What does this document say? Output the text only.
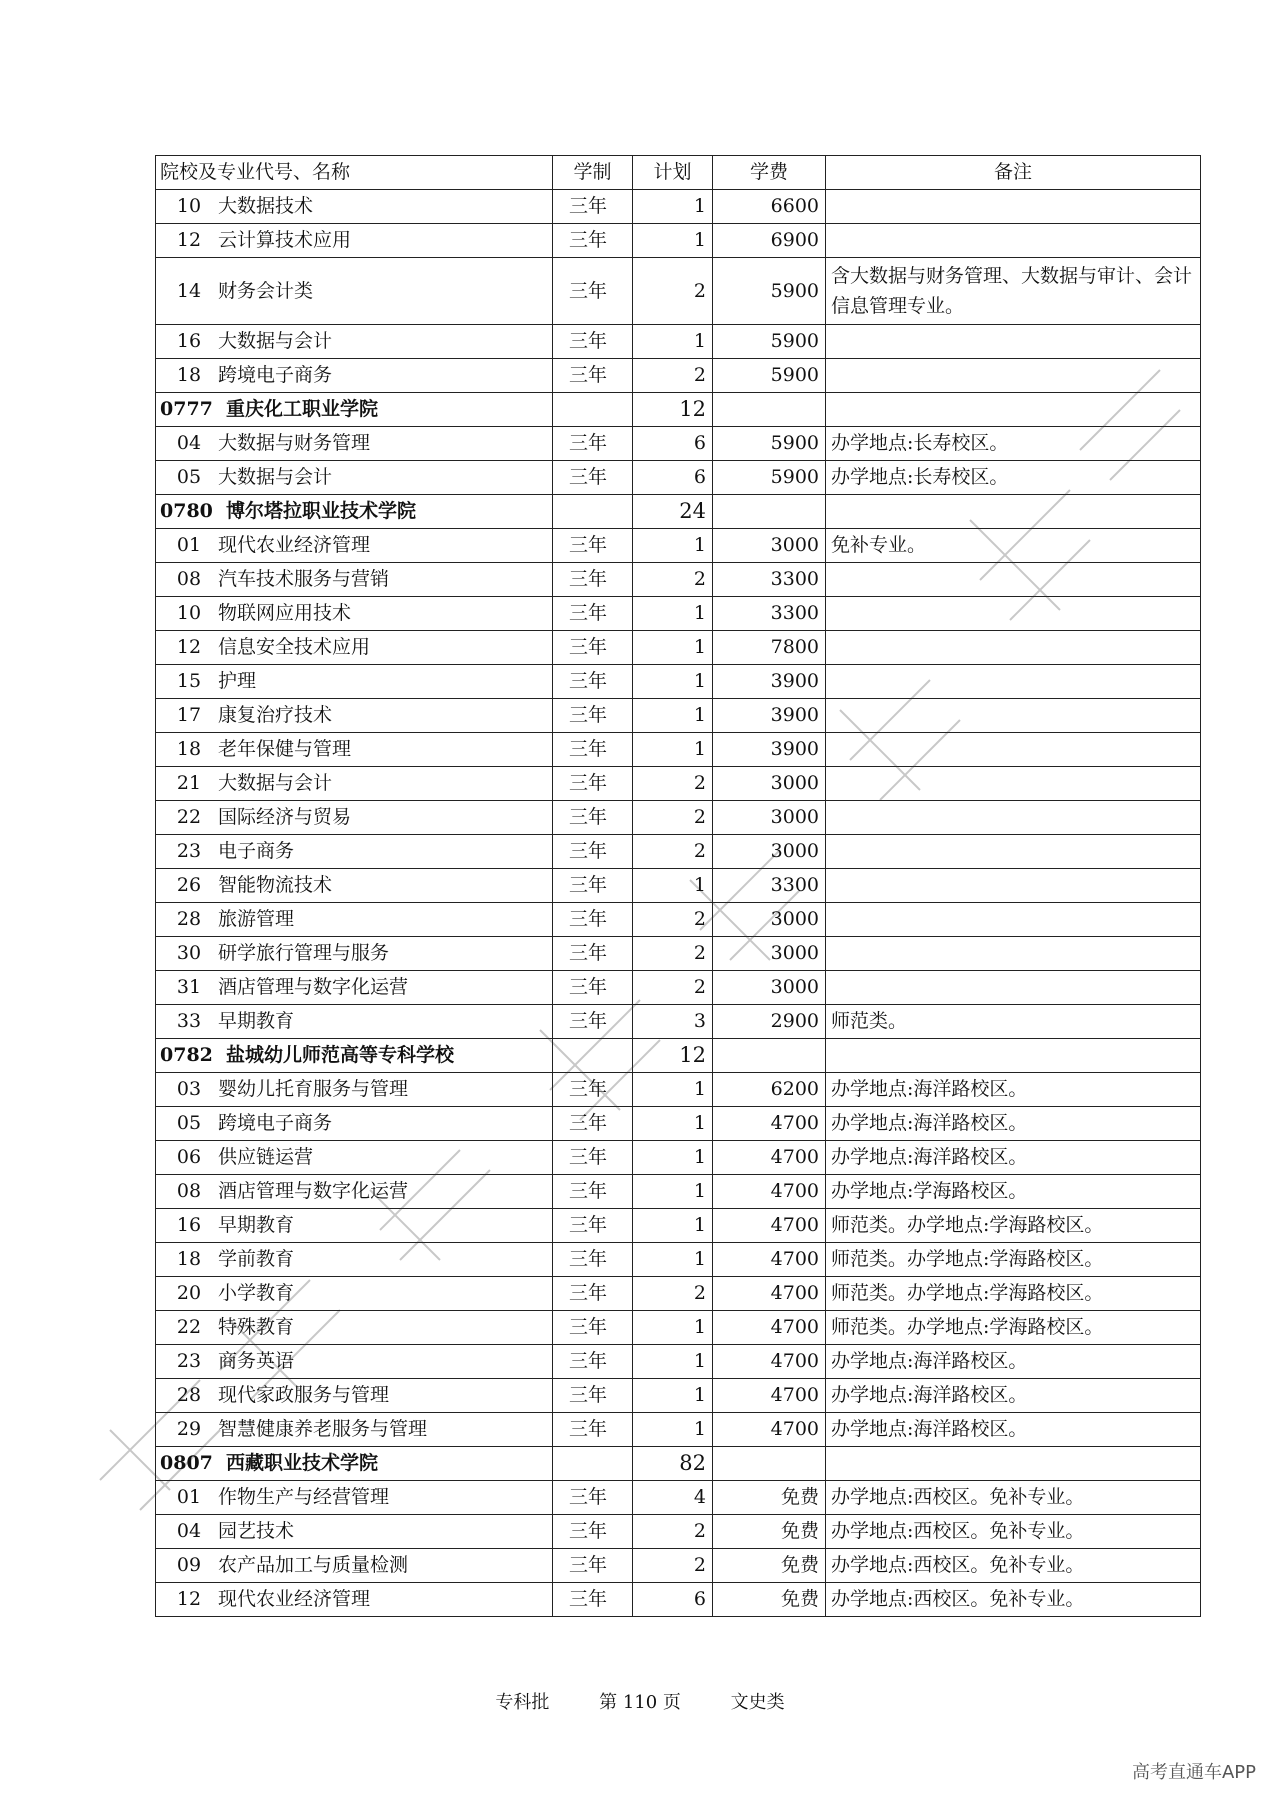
院校及专业代号、名称	学制	计划	学费	备注
10 大数据技术	三年	1	6600	
12 云计算技术应用	三年	1	6900	
14 财务会计类	三年	2	5900	含大数据与财务管理、大数据与审计、会计信息管理专业。
16 大数据与会计	三年	1	5900	
18 跨境电子商务	三年	2	5900	
0777 重庆化工职业学院		12		
04 大数据与财务管理	三年	6	5900	办学地点:长寿校区。
05 大数据与会计	三年	6	5900	办学地点:长寿校区。
0780 博尔塔拉职业技术学院		24		
01 现代农业经济管理	三年	1	3000	免补专业。
08 汽车技术服务与营销	三年	2	3300	
10 物联网应用技术	三年	1	3300	
12 信息安全技术应用	三年	1	7800	
15 护理	三年	1	3900	
17 康复治疗技术	三年	1	3900	
18 老年保健与管理	三年	1	3900	
21 大数据与会计	三年	2	3000	
22 国际经济与贸易	三年	2	3000	
23 电子商务	三年	2	3000	
26 智能物流技术	三年	1	3300	
28 旅游管理	三年	2	3000	
30 研学旅行管理与服务	三年	2	3000	
31 酒店管理与数字化运营	三年	2	3000	
33 早期教育	三年	3	2900	师范类。
0782 盐城幼儿师范高等专科学校		12		
03 婴幼儿托育服务与管理	三年	1	6200	办学地点:海洋路校区。
05 跨境电子商务	三年	1	4700	办学地点:海洋路校区。
06 供应链运营	三年	1	4700	办学地点:海洋路校区。
08 酒店管理与数字化运营	三年	1	4700	办学地点:学海路校区。
16 早期教育	三年	1	4700	师范类。办学地点:学海路校区。
18 学前教育	三年	1	4700	师范类。办学地点:学海路校区。
20 小学教育	三年	2	4700	师范类。办学地点:学海路校区。
22 特殊教育	三年	1	4700	师范类。办学地点:学海路校区。
23 商务英语	三年	1	4700	办学地点:海洋路校区。
28 现代家政服务与管理	三年	1	4700	办学地点:海洋路校区。
29 智慧健康养老服务与管理	三年	1	4700	办学地点:海洋路校区。
0807 西藏职业技术学院		82		
01 作物生产与经营管理	三年	4	免费	办学地点:西校区。免补专业。
04 园艺技术	三年	2	免费	办学地点:西校区。免补专业。
09 农产品加工与质量检测	三年	2	免费	办学地点:西校区。免补专业。
12 现代农业经济管理	三年	6	免费	办学地点:西校区。免补专业。
专科批	第 110 页	文史类
高考直通车APP
